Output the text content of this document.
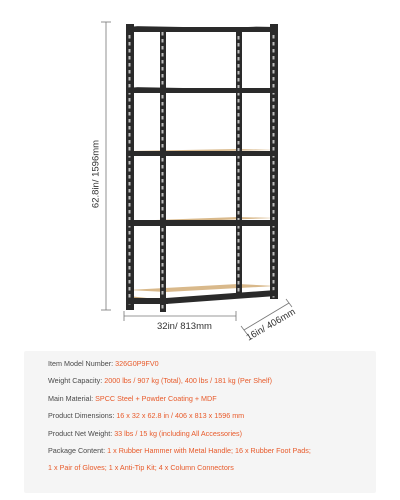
62.8in/ 1596mm
32in/ 813mm	16in/ 406mm
Item Model Number: 326G0P9FV0
Weight Capacity: 2000 lbs / 907 kg (Total), 400 lbs / 181 kg (Per Shelf)
Main Material: SPCC Steel + Powder Coating + MDF
Product Dimensions: 16 x 32 x 62.8 in / 406 x 813 x 1596 mm
Product Net Weight: 33 lbs / 15 kg (including All Accessories)
Package Content: 1 x Rubber Hammer with Metal Handle; 16 x Rubber Foot Pads;
1 x Pair of Gloves; 1 x Anti-Tip Kit; 4 x Column Connectors
